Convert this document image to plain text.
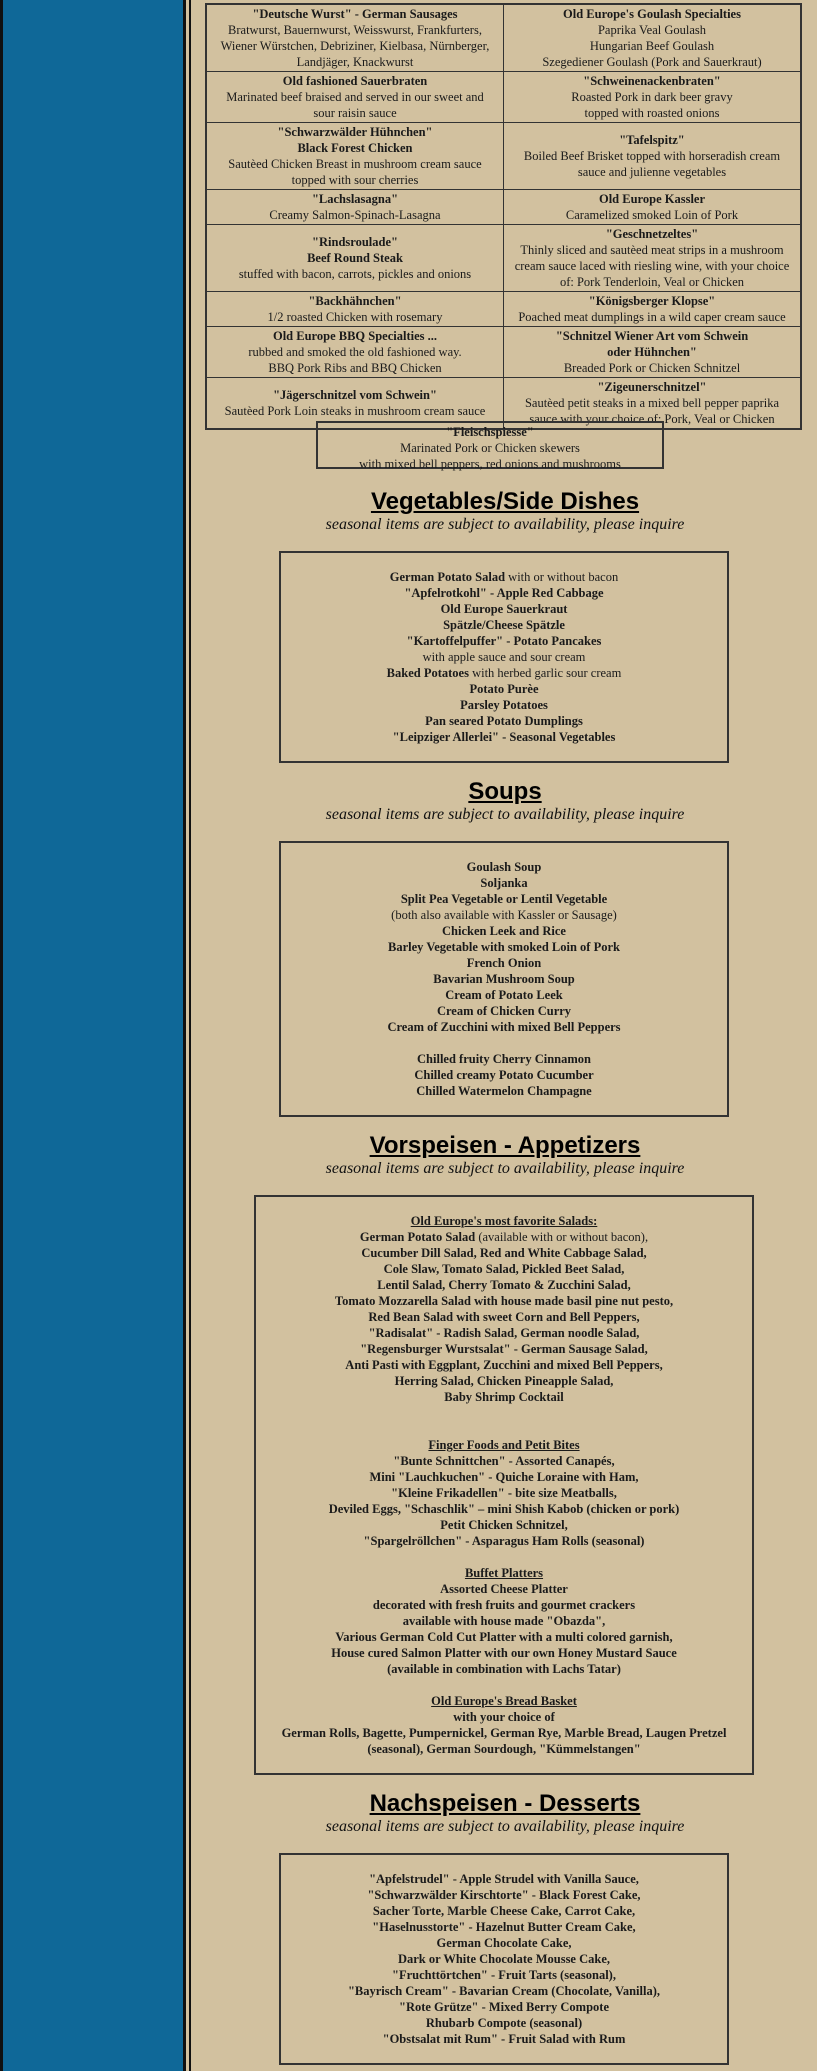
"Deutsche Wurst" - German Sausages
Bratwurst, Bauernwurst, Weisswurst, Frankfurters,
Wiener Würstchen, Debriziner, Kielbasa, Nürnberger,
Landjäger, Knackwurst	Old Europe's Goulash Specialties
Paprika Veal Goulash
Hungarian Beef Goulash
Szegediener Goulash (Pork and Sauerkraut)

Old fashioned Sauerbraten
Marinated beef braised and served in our sweet and
sour raisin sauce	"Schweinenackenbraten"
Roasted Pork in dark beer gravy
topped with roasted onions

"Schwarzwälder Hühnchen"
Black Forest Chicken
Sautèed Chicken Breast in mushroom cream sauce
topped with sour cherries	"Tafelspitz"
Boiled Beef Brisket topped with horseradish cream
sauce and julienne vegetables

"Lachslasagna"
Creamy Salmon-Spinach-Lasagna	Old Europe Kassler
Caramelized smoked Loin of Pork

"Rindsroulade"
Beef Round Steak
stuffed with bacon, carrots, pickles and onions	"Geschnetzeltes"
Thinly sliced and sautèed meat strips in a mushroom
cream sauce laced with riesling wine, with your choice
of: Pork Tenderloin, Veal or Chicken

"Backhähnchen"
1/2 roasted Chicken with rosemary	"Königsberger Klopse"
Poached meat dumplings in a wild caper cream sauce

Old Europe BBQ Specialties ...
rubbed and smoked the old fashioned way.
BBQ Pork Ribs and BBQ Chicken	"Schnitzel Wiener Art vom Schwein
oder Hühnchen"
Breaded Pork or Chicken Schnitzel

"Jägerschnitzel vom Schwein"
Sautèed Pork Loin steaks in mushroom cream sauce	"Zigeunerschnitzel"
Sautèed petit steaks in a mixed bell pepper paprika
sauce with your choice of: Pork, Veal or Chicken
"Fleischspiesse"
Marinated Pork or Chicken skewers
with mixed bell peppers, red onions and mushrooms
Vegetables/Side Dishes
seasonal items are subject to availability, please inquire
German Potato Salad with or without bacon
"Apfelrotkohl" - Apple Red Cabbage
Old Europe Sauerkraut
Spätzle/Cheese Spätzle
"Kartoffelpuffer" - Potato Pancakes
with apple sauce and sour cream
Baked Potatoes with herbed garlic sour cream
Potato Purèe
Parsley Potatoes
Pan seared Potato Dumplings
"Leipziger Allerlei" - Seasonal Vegetables
Soups
seasonal items are subject to availability, please inquire
Goulash Soup
Soljanka
Split Pea Vegetable or Lentil Vegetable
(both also available with Kassler or Sausage)
Chicken Leek and Rice
Barley Vegetable with smoked Loin of Pork
French Onion
Bavarian Mushroom Soup
Cream of Potato Leek
Cream of Chicken Curry
Cream of Zucchini with mixed Bell Peppers
Chilled fruity Cherry Cinnamon
Chilled creamy Potato Cucumber
Chilled Watermelon Champagne
Vorspeisen - Appetizers
seasonal items are subject to availability, please inquire
Old Europe's most favorite Salads:
German Potato Salad (available with or without bacon),
Cucumber Dill Salad, Red and White Cabbage Salad,
Cole Slaw, Tomato Salad, Pickled Beet Salad,
Lentil Salad, Cherry Tomato & Zucchini Salad,
Tomato Mozzarella Salad with house made basil pine nut pesto,
Red Bean Salad with sweet Corn and Bell Peppers,
"Radisalat" - Radish Salad, German noodle Salad,
"Regensburger Wurstsalat" - German Sausage Salad,
Anti Pasti with Eggplant, Zucchini and mixed Bell Peppers,
Herring Salad, Chicken Pineapple Salad,
Baby Shrimp Cocktail
Finger Foods and Petit Bites
"Bunte Schnittchen" - Assorted Canapés,
Mini "Lauchkuchen" - Quiche Loraine with Ham,
"Kleine Frikadellen" - bite size Meatballs,
Deviled Eggs, "Schaschlik" – mini Shish Kabob (chicken or pork)
Petit Chicken Schnitzel,
"Spargelröllchen" - Asparagus Ham Rolls (seasonal)
Buffet Platters
Assorted Cheese Platter
decorated with fresh fruits and gourmet crackers
available with house made "Obazda",
Various German Cold Cut Platter with a multi colored garnish,
House cured Salmon Platter with our own Honey Mustard Sauce
(available in combination with Lachs Tatar)
Old Europe's Bread Basket
with your choice of
German Rolls, Bagette, Pumpernickel, German Rye, Marble Bread, Laugen Pretzel
(seasonal), German Sourdough, "Kümmelstangen"
Nachspeisen - Desserts
seasonal items are subject to availability, please inquire
"Apfelstrudel" - Apple Strudel with Vanilla Sauce,
"Schwarzwälder Kirschtorte" - Black Forest Cake,
Sacher Torte, Marble Cheese Cake, Carrot Cake,
"Haselnusstorte" - Hazelnut Butter Cream Cake,
German Chocolate Cake,
Dark or White Chocolate Mousse Cake,
"Fruchttörtchen" - Fruit Tarts (seasonal),
"Bayrisch Cream" - Bavarian Cream (Chocolate, Vanilla),
"Rote Grütze" - Mixed Berry Compote
Rhubarb Compote (seasonal)
"Obstsalat mit Rum" - Fruit Salad with Rum
